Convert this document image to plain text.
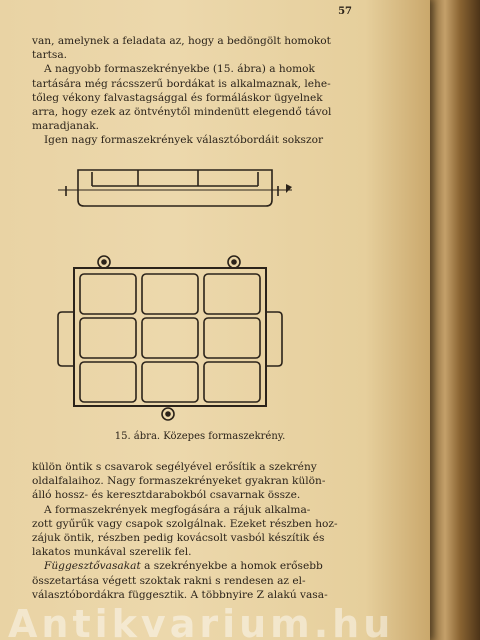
57

van, amelynek a feladata az, hogy a bedöngölt homokot

tartsa.

A nagyobb formaszekrényekbe (15. ábra) a homok

tartására még rácsszerű bordákat is alkalmaznak, lehe-

tőleg vékony falvastagsággal és formáláskor ügyelnek

arra, hogy ezek az öntvénytől mindenütt elegendő távol

maradjanak.

Igen nagy formaszekrények választóbordáit sokszor

15. ábra. Közepes formaszekrény.

külön öntik s csavarok segélyével erősítik a szekrény

oldalfalaihoz. Nagy formaszekrényeket gyakran külön-

álló hossz- és keresztdarabokból csavarnak össze.

A formaszekrények megfogására a rájuk alkalma-

zott gyűrűk vagy csapok szolgálnak. Ezeket részben hoz-

zájuk öntik, részben pedig kovácsolt vasból készítik és

lakatos munkával szerelik fel.

Függesztővasakat a szekrényekbe a homok erősebb

összetartása végett szoktak rakni s rendesen az el-

választóbordákra függesztik. A többnyire Z alakú vasa-

Antikvarium.hu
